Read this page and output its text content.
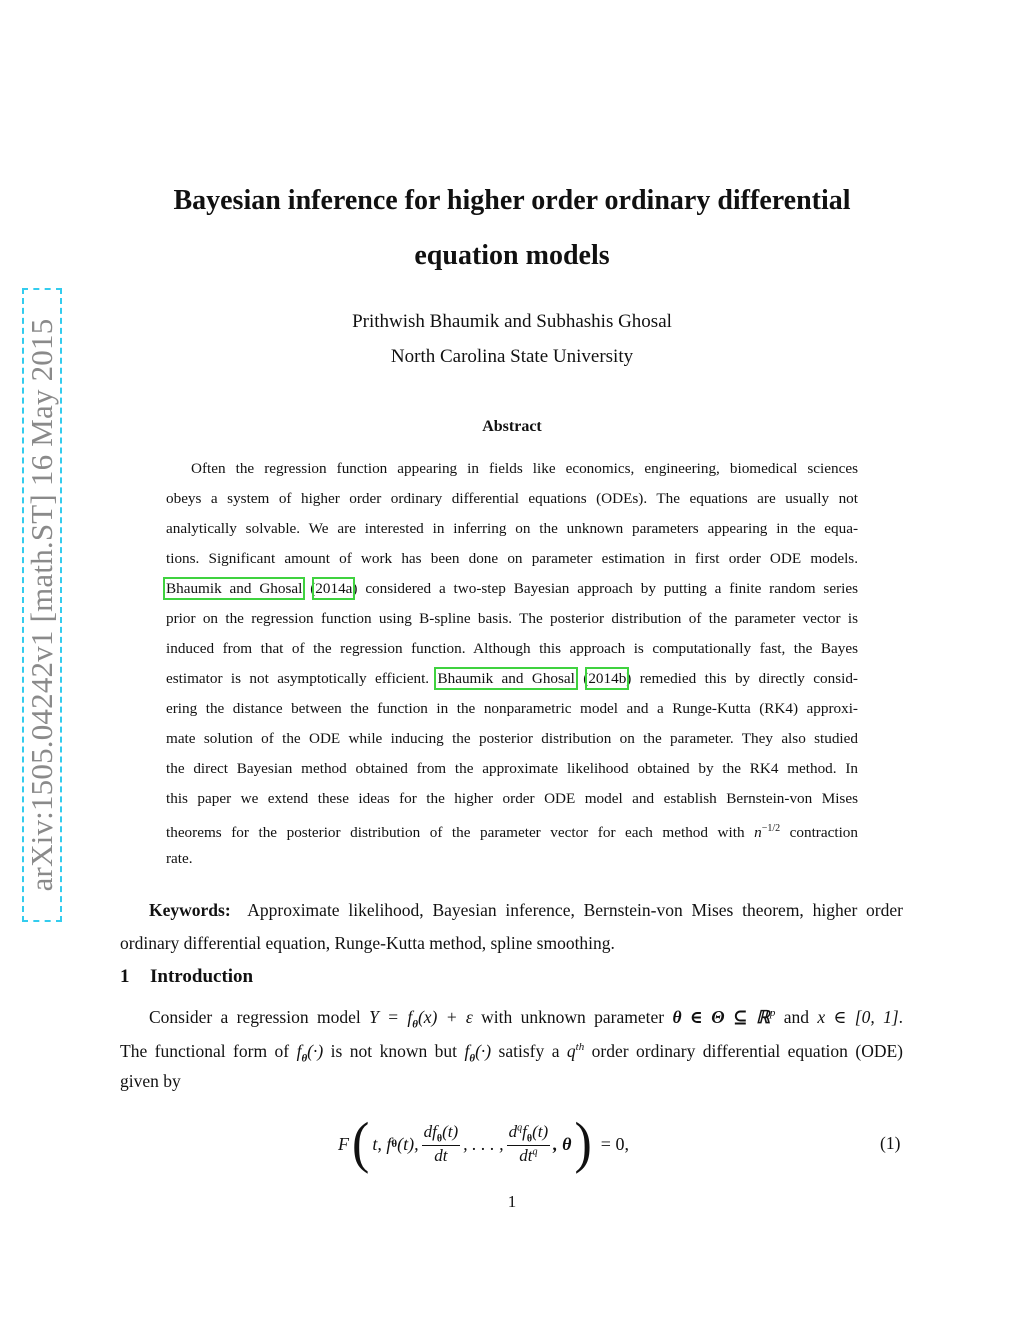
arXiv:1505.04242v1 [math.ST] 16 May 2015
Bayesian inference for higher order ordinary differential
equation models
Prithwish Bhaumik and Subhashis Ghosal
North Carolina State University
Abstract
Often the regression function appearing in fields like economics, engineering, biomedical sciences
obeys a system of higher order ordinary differential equations (ODEs). The equations are usually not
analytically solvable. We are interested in inferring on the unknown parameters appearing in the equa-
tions. Significant amount of work has been done on parameter estimation in first order ODE models.
Bhaumik and Ghosal (2014a) considered a two-step Bayesian approach by putting a finite random series
prior on the regression function using B-spline basis. The posterior distribution of the parameter vector is
induced from that of the regression function. Although this approach is computationally fast, the Bayes
estimator is not asymptotically efficient. Bhaumik and Ghosal (2014b) remedied this by directly consid-
ering the distance between the function in the nonparametric model and a Runge-Kutta (RK4) approxi-
mate solution of the ODE while inducing the posterior distribution on the parameter. They also studied
the direct Bayesian method obtained from the approximate likelihood obtained by the RK4 method. In
this paper we extend these ideas for the higher order ODE model and establish Bernstein-von Mises
theorems for the posterior distribution of the parameter vector for each method with $n^{-1/2}$ contraction
rate.
Keywords: Approximate likelihood, Bayesian inference, Bernstein-von Mises theorem, higher order
ordinary differential equation, Runge-Kutta method, spline smoothing.
1 Introduction
Consider a regression model $Y = f_\theta(x) + \varepsilon$ with unknown parameter θ ∈ Θ ⊆ ℝ$^p$ and x ∈ [0, 1].
The functional form of $f_\theta(\cdot)$ is not known but $f_\theta(\cdot)$ satisfy a $q^{th}$ order ordinary differential equation (ODE)
given by
F ( t, f θ (t), $\frac{df_\theta(t)}{dt}$ , . . . , $\frac{d^qf_\theta(t)}{dt^q}$ , θ ) = 0,	(1)
1
